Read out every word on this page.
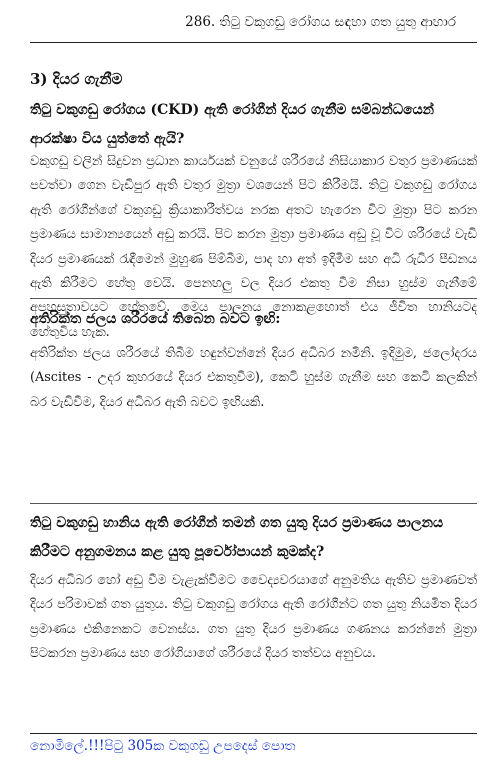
286. තිටු වකුගඩු රෝගය සඳහා ගත යුතු ආහාර
3) දියර ගැනීම
තිටු වකුගඩු රෝගය (CKD) ඇති රෝගීන් දියර ගැනීම සම්බන්ධයෙන් ආරක්ෂා විය යුත්තේ ඇයි?
වකුගඩු වලින් සිදුවන ප්‍රධාන කාර්යයක් වනුයේ ශරීරයේ නිසියාකාර වතුර ප්‍රමාණයක් පවත්වා ගෙන වැඩිපුර ඇති වතුර මුත්‍රා වශයෙන් පිට කිරීමයි. තිටු වකුගඩු රෝගය ඇති රෝගීන්ගේ වකුගඩු ක්‍රියාකාරීත්වය නරක අතට හැරෙන විට මුත්‍රා පිට කරන ප්‍රමාණය සාමාන්‍යයෙන් අඩු කරයි. පිට කරන මුත්‍රා ප්‍රමාණය අඩු වූ විට ශරීරයේ වැඩි දියර ප්‍රමාණයක් රැඳීමෙන් මුහුණ පිම්බීම, පාද හා අත් ඉදිමීම සහ අධි රුධිර පීඩනය ඇති කිරීමට හේතු වෙයි. පෙනහලු වල දියර එකතු වීම නිසා හුස්ම ගැනීමේ අපහසුතාවයට හේතුවේ. මෙය පාලනය නොකළහොත් එය ජීවිත හානියටද හේතුවිය හැක.
අතිරික්ත ජලය ශරීරයේ තිබෙන බවට ඉඟි:
අතිරික්ත ජලය ශරීරයේ තිබීම හඳුන්වන්නේ දියර අධිබර නමිනි. ඉදිමුම, ජලෝදරය (Ascites - උදර කුහරයේ දියර එකතුවීම), කෙටි හුස්ම ගැනීම සහ කෙටි කලකින් බර වැඩිවීම, දියර අධිබර ඇති බවට ඉඟියකි.
තිටු වකුගඩු හානිය ඇති රෝගීන් තමන් ගත යුතු දියර ප්‍රමාණය පාලනය කිරීමට අනුගමනය කළ යුතු පූර්වෝපායන් කුමක්ද?
දියර අධිබර හෝ අඩු වීම වැළැක්වීමට වෛද්‍යවරයාගේ අනුමතිය ඇතිව ප්‍රමාණවත් දියර පරිමාවක් ගත යුතුය. තිටු වකුගඩු රෝගය ඇති රෝගීන්ට ගත යුතු නියමිත දියර ප්‍රමාණය එකිනෙකට වෙනස්ය. ගත යුතු දියර ප්‍රමාණය ගණනය කරන්නේ මුත්‍රා පිටකරන ප්‍රමාණය සහ රෝගියාගේ ශරීරයේ දියර තත්වය අනුවය.
නොමිලේ.!!!පිටු 305ක වකුගඩු උපදෙස් පොත
